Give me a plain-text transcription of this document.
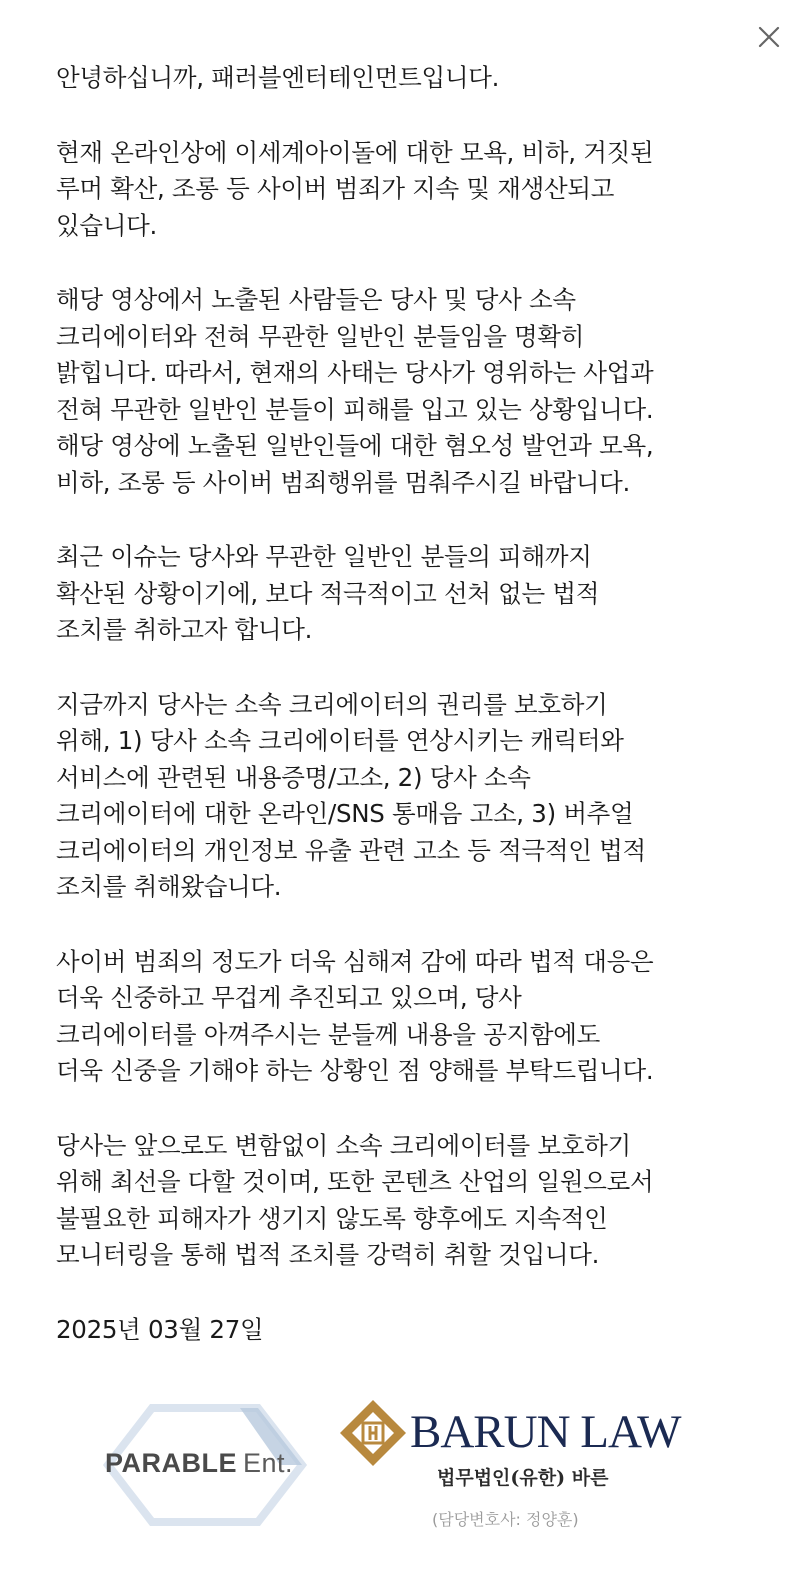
안녕하십니까, 패러블엔터테인먼트입니다.
현재 온라인상에 이세계아이돌에 대한 모욕, 비하, 거짓된
루머 확산, 조롱 등 사이버 범죄가 지속 및 재생산되고
있습니다.
해당 영상에서 노출된 사람들은 당사 및 당사 소속
크리에이터와 전혀 무관한 일반인 분들임을 명확히
밝힙니다. 따라서, 현재의 사태는 당사가 영위하는 사업과
전혀 무관한 일반인 분들이 피해를 입고 있는 상황입니다.
해당 영상에 노출된 일반인들에 대한 혐오성 발언과 모욕,
비하, 조롱 등 사이버 범죄행위를 멈춰주시길 바랍니다.
최근 이슈는 당사와 무관한 일반인 분들의 피해까지
확산된 상황이기에, 보다 적극적이고 선처 없는 법적
조치를 취하고자 합니다.
지금까지 당사는 소속 크리에이터의 권리를 보호하기
위해, 1) 당사 소속 크리에이터를 연상시키는 캐릭터와
서비스에 관련된 내용증명/고소, 2) 당사 소속
크리에이터에 대한 온라인/SNS 통매음 고소, 3) 버추얼
크리에이터의 개인정보 유출 관련 고소 등 적극적인 법적
조치를 취해왔습니다.
사이버 범죄의 정도가 더욱 심해져 감에 따라 법적 대응은
더욱 신중하고 무겁게 추진되고 있으며, 당사
크리에이터를 아껴주시는 분들께 내용을 공지함에도
더욱 신중을 기해야 하는 상황인 점 양해를 부탁드립니다.
당사는 앞으로도 변함없이 소속 크리에이터를 보호하기
위해 최선을 다할 것이며, 또한 콘텐츠 산업의 일원으로서
불필요한 피해자가 생기지 않도록 향후에도 지속적인
모니터링을 통해 법적 조치를 강력히 취할 것입니다.
2025년 03월 27일
PARABLE Ent.
BARUN LAW
법무법인(유한) 바른
(담당변호사: 정양훈)
